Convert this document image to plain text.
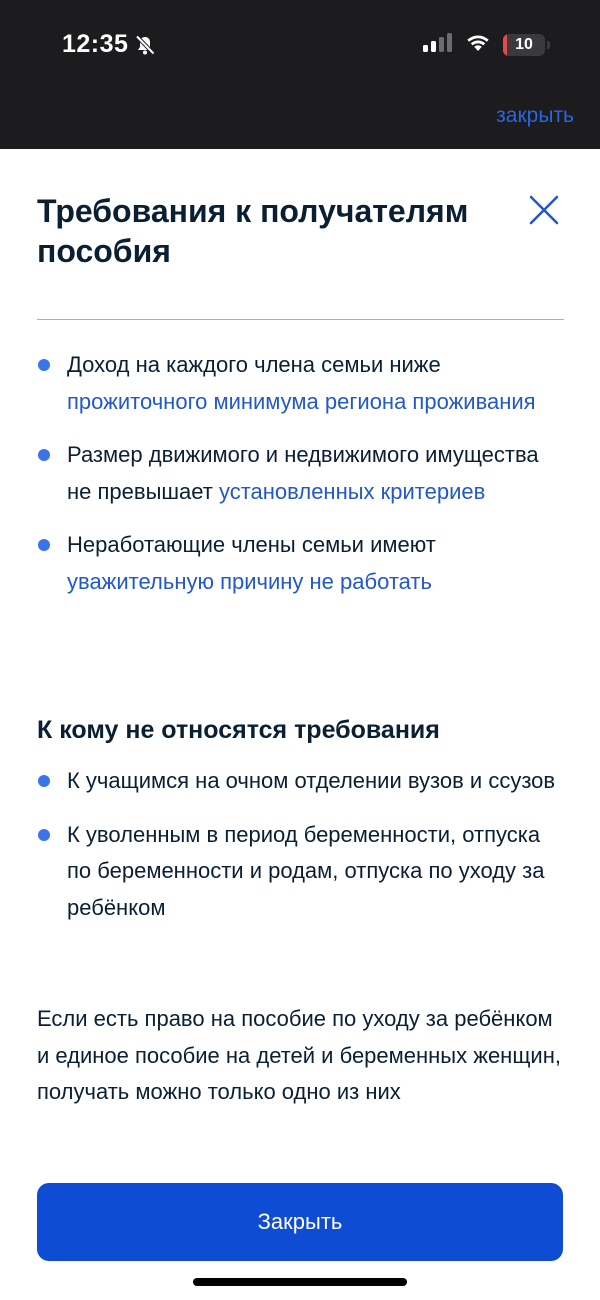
12:35	10
закрыть
Требования к получателям пособия
Доход на каждого члена семьи ниже прожиточного минимума региона проживания
Размер движимого и недвижимого имущества не превышает установленных критериев
Неработающие члены семьи имеют уважительную причину не работать
К кому не относятся требования
К учащимся на очном отделении вузов и ссузов
К уволенным в период беременности, отпуска по беременности и родам, отпуска по уходу за ребёнком

Если есть право на пособие по уходу за ребёнком и единое пособие на детей и беременных женщин, получать можно только одно из них

Закрыть
